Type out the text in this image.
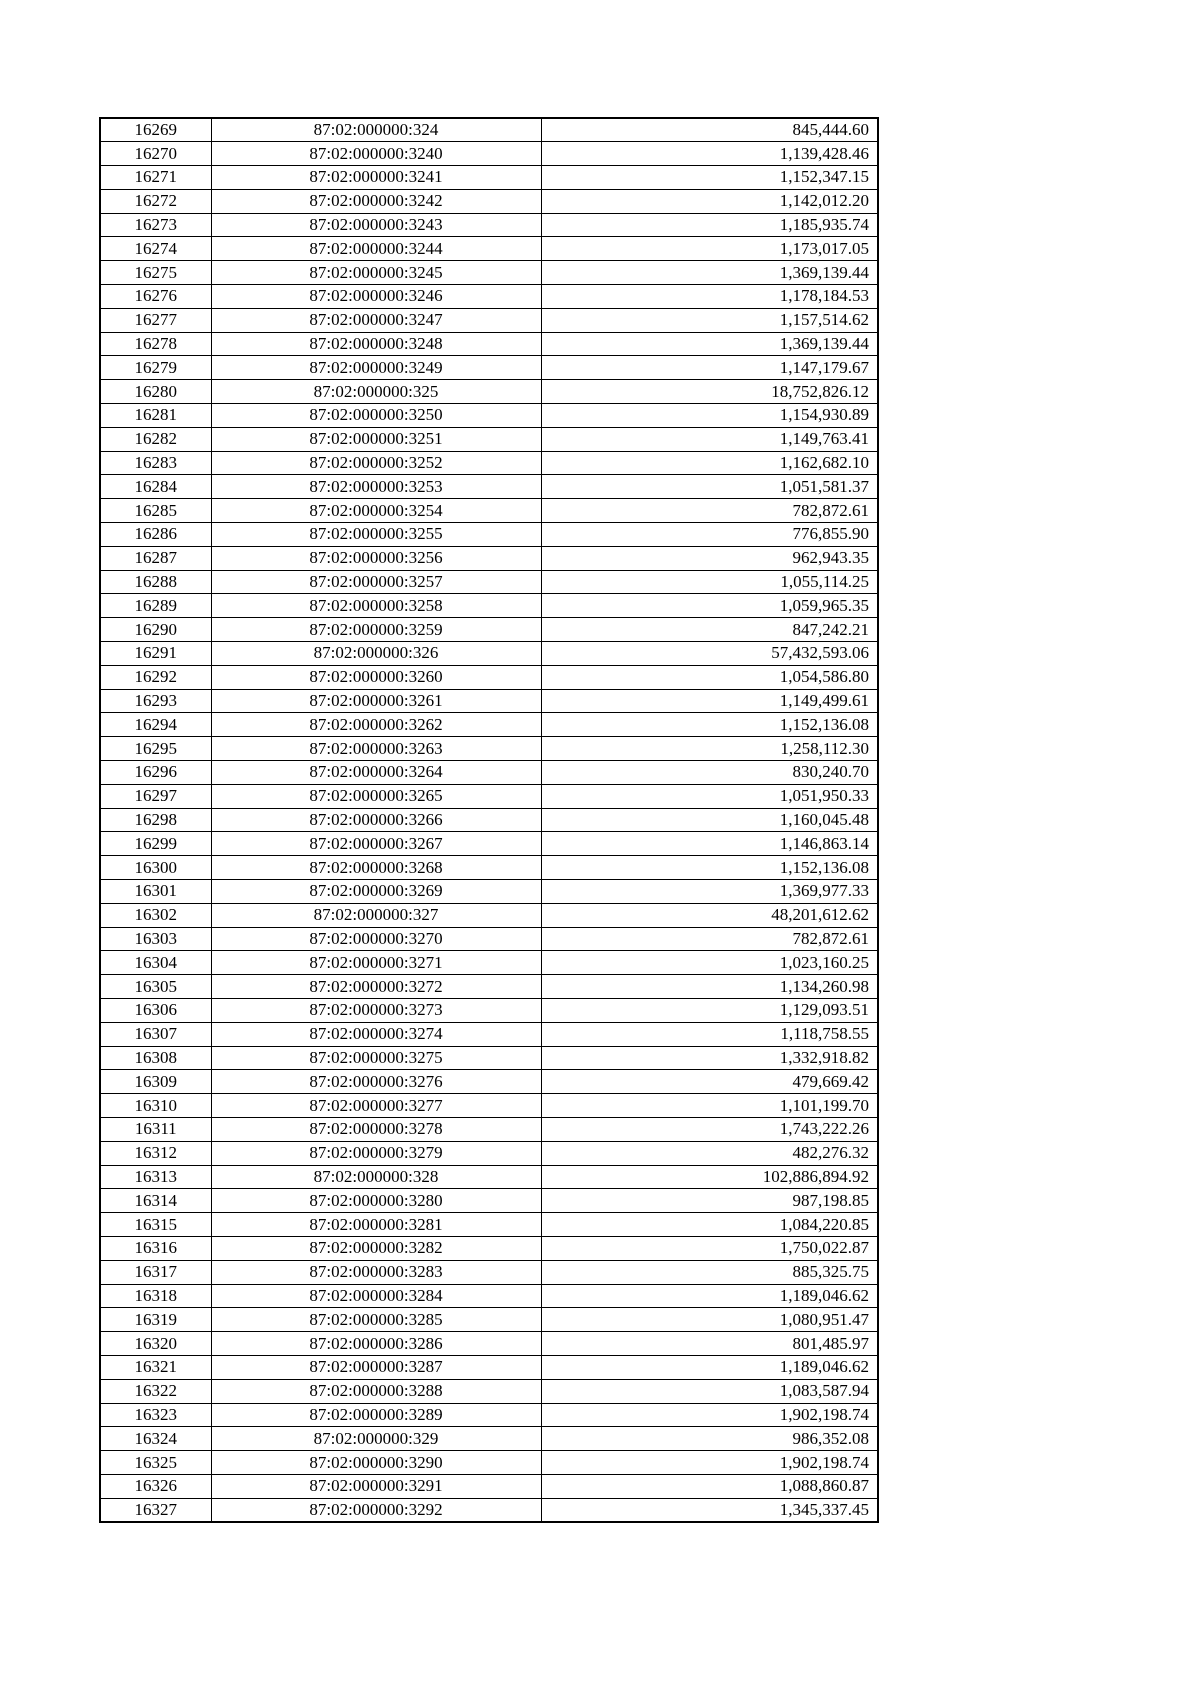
16269	87:02:000000:324	845,444.60
16270	87:02:000000:3240	1,139,428.46
16271	87:02:000000:3241	1,152,347.15
16272	87:02:000000:3242	1,142,012.20
16273	87:02:000000:3243	1,185,935.74
16274	87:02:000000:3244	1,173,017.05
16275	87:02:000000:3245	1,369,139.44
16276	87:02:000000:3246	1,178,184.53
16277	87:02:000000:3247	1,157,514.62
16278	87:02:000000:3248	1,369,139.44
16279	87:02:000000:3249	1,147,179.67
16280	87:02:000000:325	18,752,826.12
16281	87:02:000000:3250	1,154,930.89
16282	87:02:000000:3251	1,149,763.41
16283	87:02:000000:3252	1,162,682.10
16284	87:02:000000:3253	1,051,581.37
16285	87:02:000000:3254	782,872.61
16286	87:02:000000:3255	776,855.90
16287	87:02:000000:3256	962,943.35
16288	87:02:000000:3257	1,055,114.25
16289	87:02:000000:3258	1,059,965.35
16290	87:02:000000:3259	847,242.21
16291	87:02:000000:326	57,432,593.06
16292	87:02:000000:3260	1,054,586.80
16293	87:02:000000:3261	1,149,499.61
16294	87:02:000000:3262	1,152,136.08
16295	87:02:000000:3263	1,258,112.30
16296	87:02:000000:3264	830,240.70
16297	87:02:000000:3265	1,051,950.33
16298	87:02:000000:3266	1,160,045.48
16299	87:02:000000:3267	1,146,863.14
16300	87:02:000000:3268	1,152,136.08
16301	87:02:000000:3269	1,369,977.33
16302	87:02:000000:327	48,201,612.62
16303	87:02:000000:3270	782,872.61
16304	87:02:000000:3271	1,023,160.25
16305	87:02:000000:3272	1,134,260.98
16306	87:02:000000:3273	1,129,093.51
16307	87:02:000000:3274	1,118,758.55
16308	87:02:000000:3275	1,332,918.82
16309	87:02:000000:3276	479,669.42
16310	87:02:000000:3277	1,101,199.70
16311	87:02:000000:3278	1,743,222.26
16312	87:02:000000:3279	482,276.32
16313	87:02:000000:328	102,886,894.92
16314	87:02:000000:3280	987,198.85
16315	87:02:000000:3281	1,084,220.85
16316	87:02:000000:3282	1,750,022.87
16317	87:02:000000:3283	885,325.75
16318	87:02:000000:3284	1,189,046.62
16319	87:02:000000:3285	1,080,951.47
16320	87:02:000000:3286	801,485.97
16321	87:02:000000:3287	1,189,046.62
16322	87:02:000000:3288	1,083,587.94
16323	87:02:000000:3289	1,902,198.74
16324	87:02:000000:329	986,352.08
16325	87:02:000000:3290	1,902,198.74
16326	87:02:000000:3291	1,088,860.87
16327	87:02:000000:3292	1,345,337.45
